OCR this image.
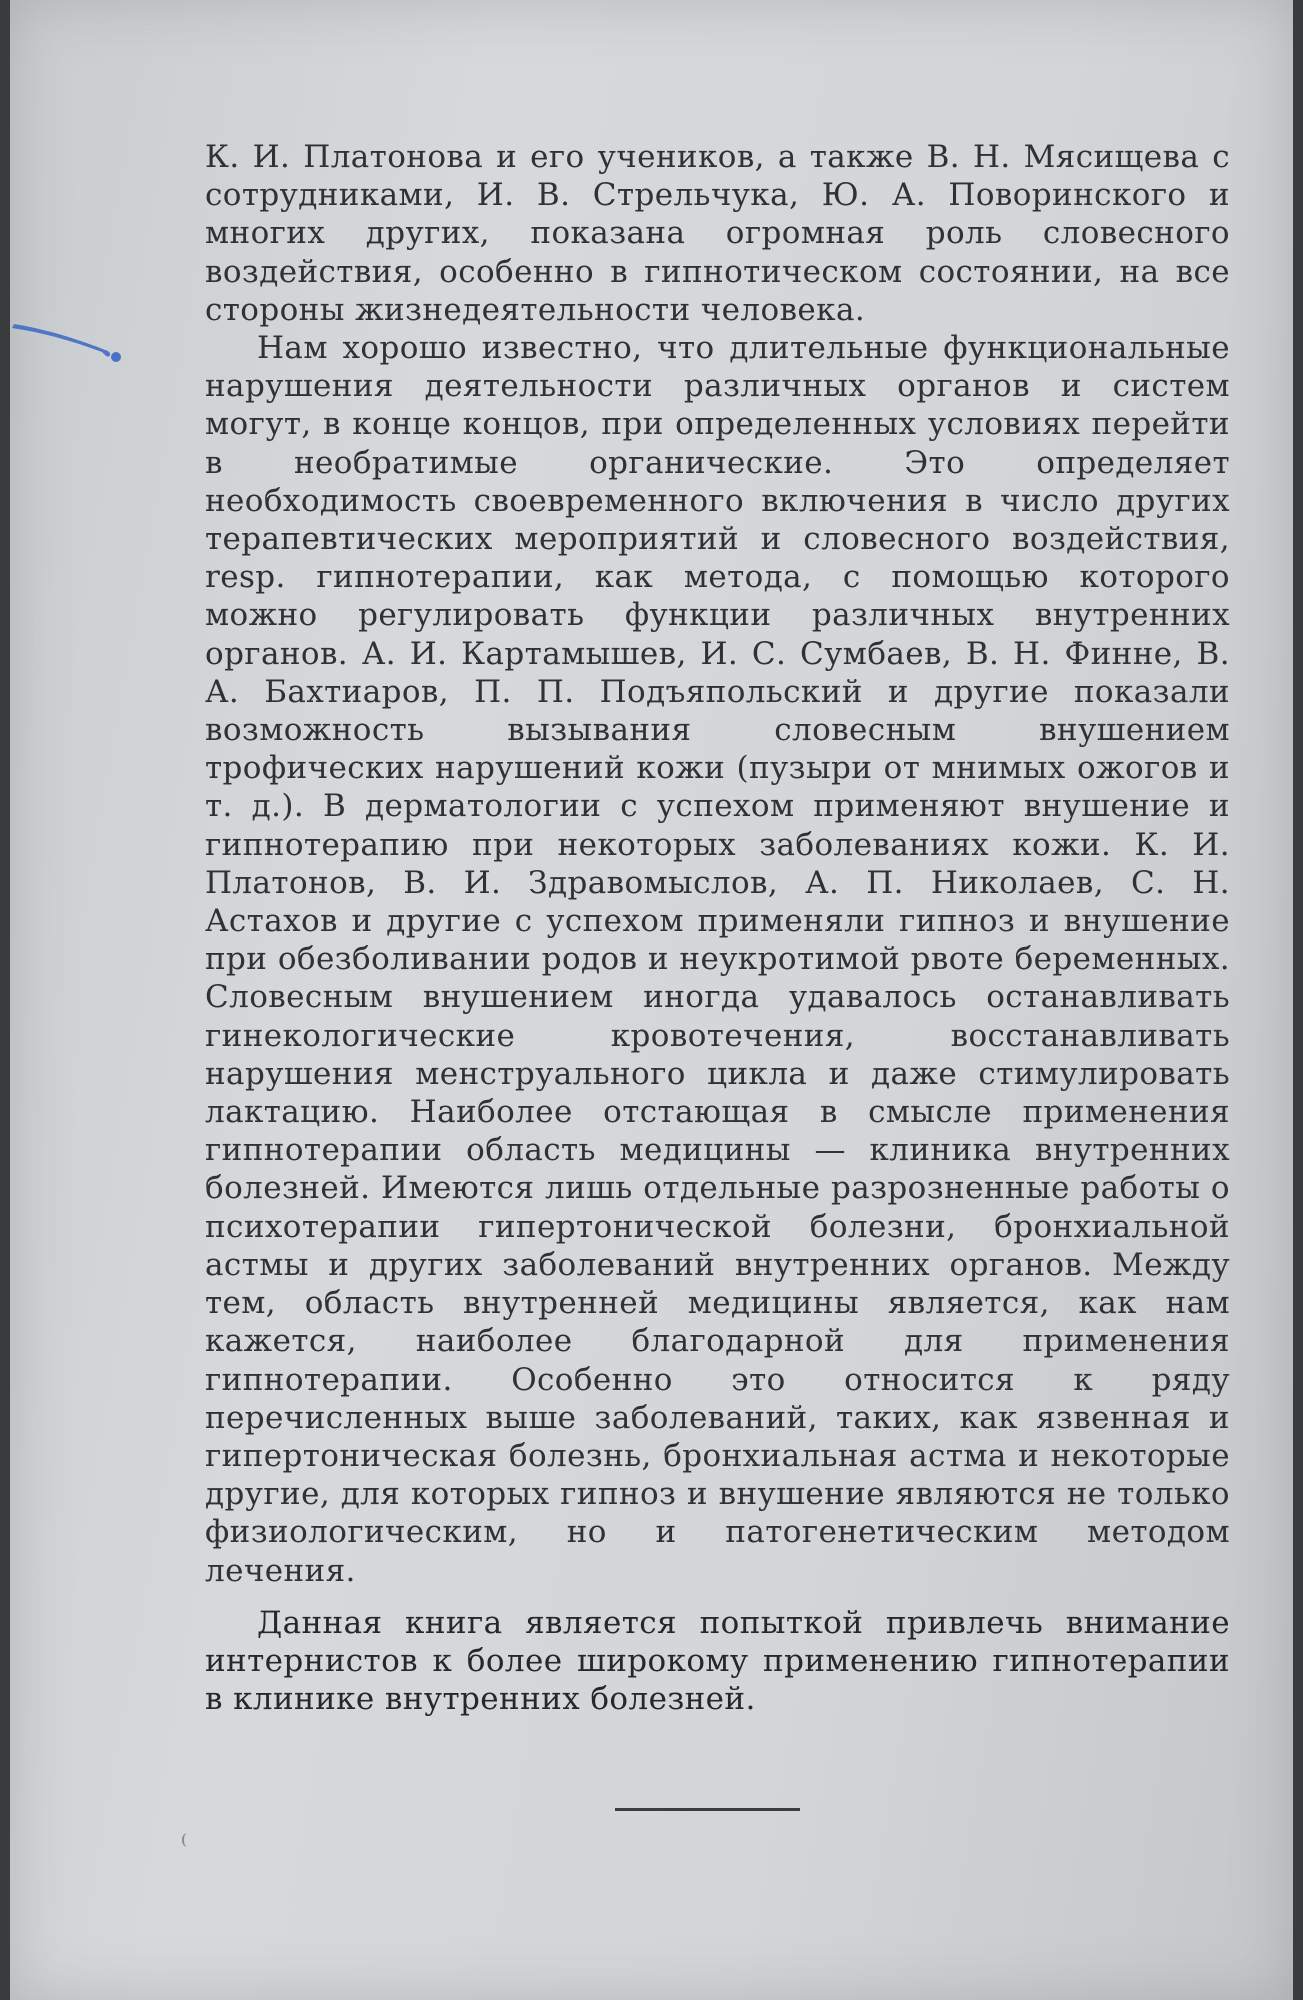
К. И. Платонова и его учеников, а также В. Н. Мясищева с сотрудниками, И. В. Стрельчука, Ю. А. Поворинского и многих других, показана огромная роль словесного воздействия, особенно в гипнотическом состоянии, на все стороны жизнедеятельности человека.

Нам хорошо известно, что длительные функциональные нарушения деятельности различных органов и систем могут, в конце концов, при определенных условиях перейти в необратимые органические. Это определяет необходимость своевременного включения в число других терапевтических мероприятий и словесного воздействия, resp. гипнотерапии, как метода, с помощью которого можно регулировать функции различных внутренних органов. А. И. Картамышев, И. С. Сумбаев, В. Н. Финне, В. А. Бахтиаров, П. П. Подъяпольский и другие показали возможность вызывания словесным внушением трофических нарушений кожи (пузыри от мнимых ожогов и т. д.). В дерматологии с успехом применяют внушение и гипнотерапию при некоторых заболеваниях кожи. К. И. Платонов, В. И. Здравомыслов, А. П. Николаев, С. Н. Астахов и другие с успехом применяли гипноз и внушение при обезболивании родов и неукротимой рвоте беременных. Словесным внушением иногда удавалось останавливать гинекологические кровотечения, восстанавливать нарушения менструального цикла и даже стимулировать лактацию. Наиболее отстающая в смысле применения гипнотерапии область медицины — клиника внутренних болезней. Имеются лишь отдельные разрозненные работы о психотерапии гипертонической болезни, бронхиальной астмы и других заболеваний внутренних органов. Между тем, область внутренней медицины является, как нам кажется, наиболее благодарной для применения гипнотерапии. Особенно это относится к ряду перечисленных выше заболеваний, таких, как язвенная и гипертоническая болезнь, бронхиальная астма и некоторые другие, для которых гипноз и внушение являются не только физиологическим, но и патогенетическим методом лечения.

Данная книга является попыткой привлечь внимание интернистов к более широкому применению гипнотерапии в клинике внутренних болезней.
